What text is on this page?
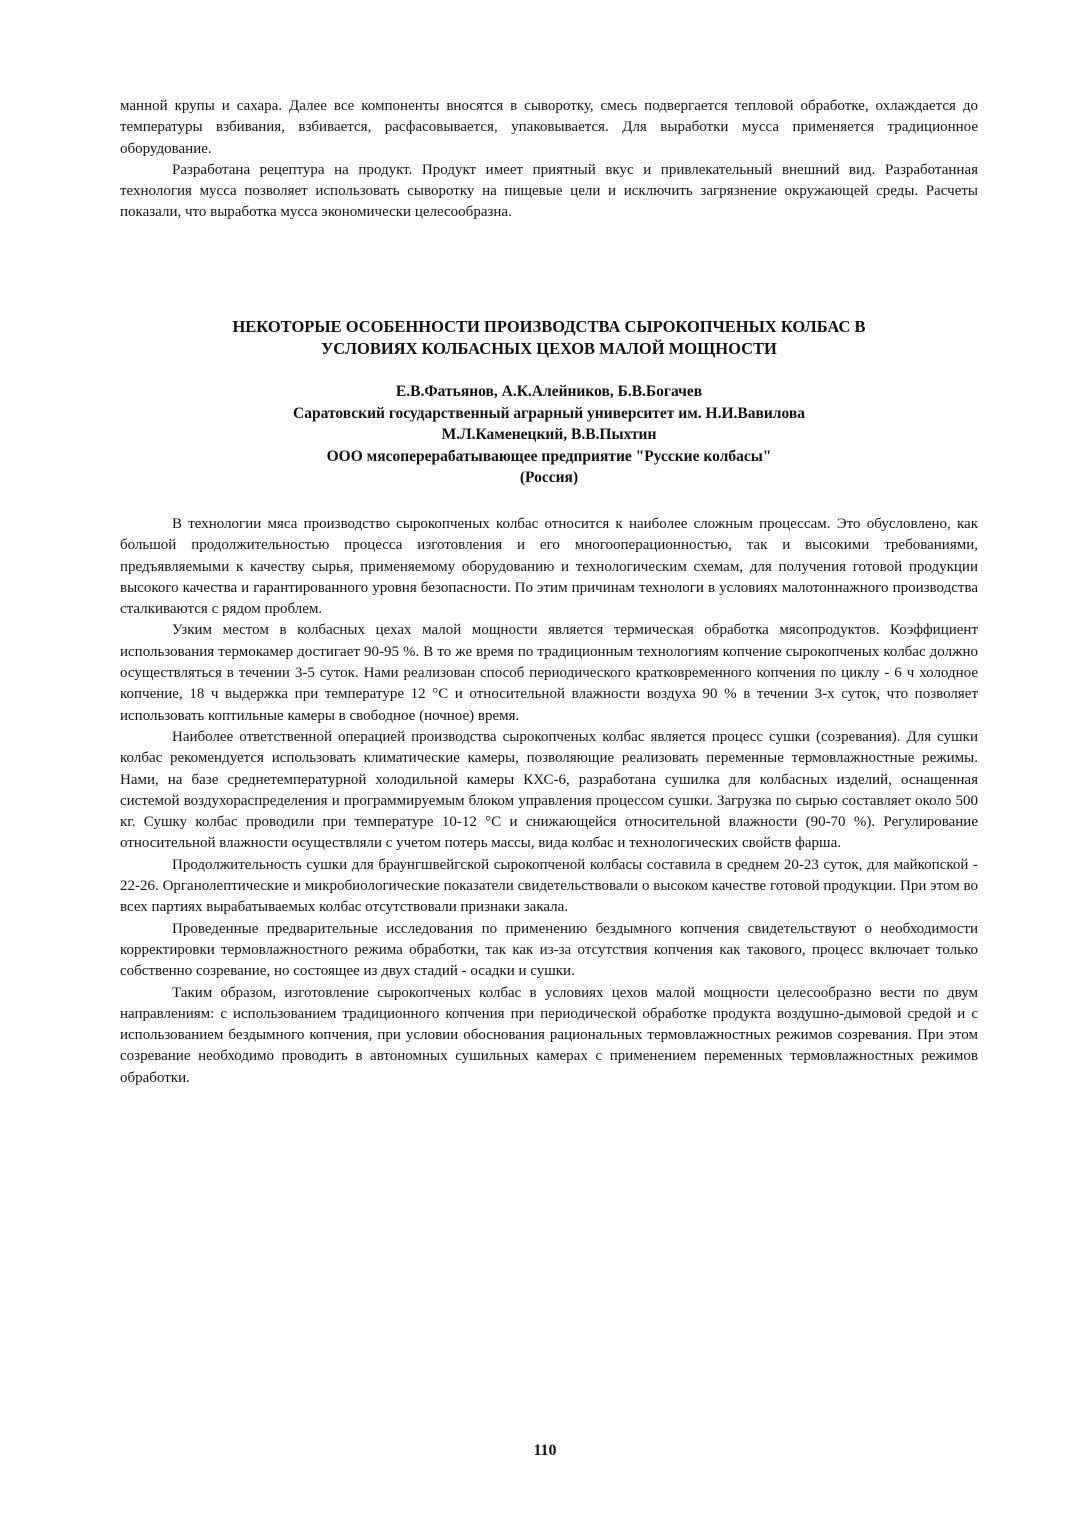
манной крупы и сахара. Далее все компоненты вносятся в сыворотку, смесь подвергается тепловой обработке, охлаждается до температуры взбивания, взбивается, расфасовывается, упаковывается. Для выработки мусса применяется традиционное оборудование.

Разработана рецептура на продукт. Продукт имеет приятный вкус и привлекательный внешний вид. Разработанная технология мусса позволяет использовать сыворотку на пищевые цели и исключить загрязнение окружающей среды. Расчеты показали, что выработка мусса экономически целесообразна.

НЕКОТОРЫЕ ОСОБЕННОСТИ ПРОИЗВОДСТВА СЫРОКОПЧЕНЫХ КОЛБАС В
УСЛОВИЯХ КОЛБАСНЫХ ЦЕХОВ МАЛОЙ МОЩНОСТИ
Е.В.Фатьянов, А.К.Алейников, Б.В.Богачев
Саратовский государственный аграрный университет им. Н.И.Вавилова
М.Л.Каменецкий, В.В.Пыхтин
ООО мясоперерабатывающее предприятие "Русские колбасы"
(Россия)

В технологии мяса производство сырокопченых колбас относится к наиболее сложным процессам. Это обусловлено, как большой продолжительностью процесса изготовления и его многооперационностью, так и высокими требованиями, предъявляемыми к качеству сырья, применяемому оборудованию и технологическим схемам, для получения готовой продукции высокого качества и гарантированного уровня безопасности. По этим причинам технологи в условиях малотоннажного производства сталкиваются с рядом проблем.

Узким местом в колбасных цехах малой мощности является термическая обработка мясопродуктов. Коэффициент использования термокамер достигает 90-95 %. В то же время по традиционным технологиям копчение сырокопченых колбас должно осуществляться в течении 3-5 суток. Нами реализован способ периодического кратковременного копчения по циклу - 6 ч холодное копчение, 18 ч выдержка при температуре 12 °С и относительной влажности воздуха 90 % в течении 3-х суток, что позволяет использовать коптильные камеры в свободное (ночное) время.

Наиболее ответственной операцией производства сырокопченых колбас является процесс сушки (созревания). Для сушки колбас рекомендуется использовать климатические камеры, позволяющие реализовать переменные термовлажностные режимы. Нами, на базе среднетемпературной холодильной камеры КХС-6, разработана сушилка для колбасных изделий, оснащенная системой воздухораспределения и программируемым блоком управления процессом сушки. Загрузка по сырью составляет около 500 кг. Сушку колбас проводили при температуре 10-12 °С и снижающейся относительной влажности (90-70 %). Регулирование относительной влажности осуществляли с учетом потерь массы, вида колбас и технологических свойств фарша.

Продолжительность сушки для браунгшвейгской сырокопченой колбасы составила в среднем 20-23 суток, для майкопской - 22-26. Органолептические и микробиологические показатели свидетельствовали о высоком качестве готовой продукции. При этом во всех партиях вырабатываемых колбас отсутствовали признаки закала.

Проведенные предварительные исследования по применению бездымного копчения свидетельствуют о необходимости корректировки термовлажностного режима обработки, так как из-за отсутствия копчения как такового, процесс включает только собственно созревание, но состоящее из двух стадий - осадки и сушки.

Таким образом, изготовление сырокопченых колбас в условиях цехов малой мощности целесообразно вести по двум направлениям: с использованием традиционного копчения при периодической обработке продукта воздушно-дымовой средой и с использованием бездымного копчения, при условии обоснования рациональных термовлажностных режимов созревания. При этом созревание необходимо проводить в автономных сушильных камерах с применением переменных термовлажностных режимов обработки.

110
